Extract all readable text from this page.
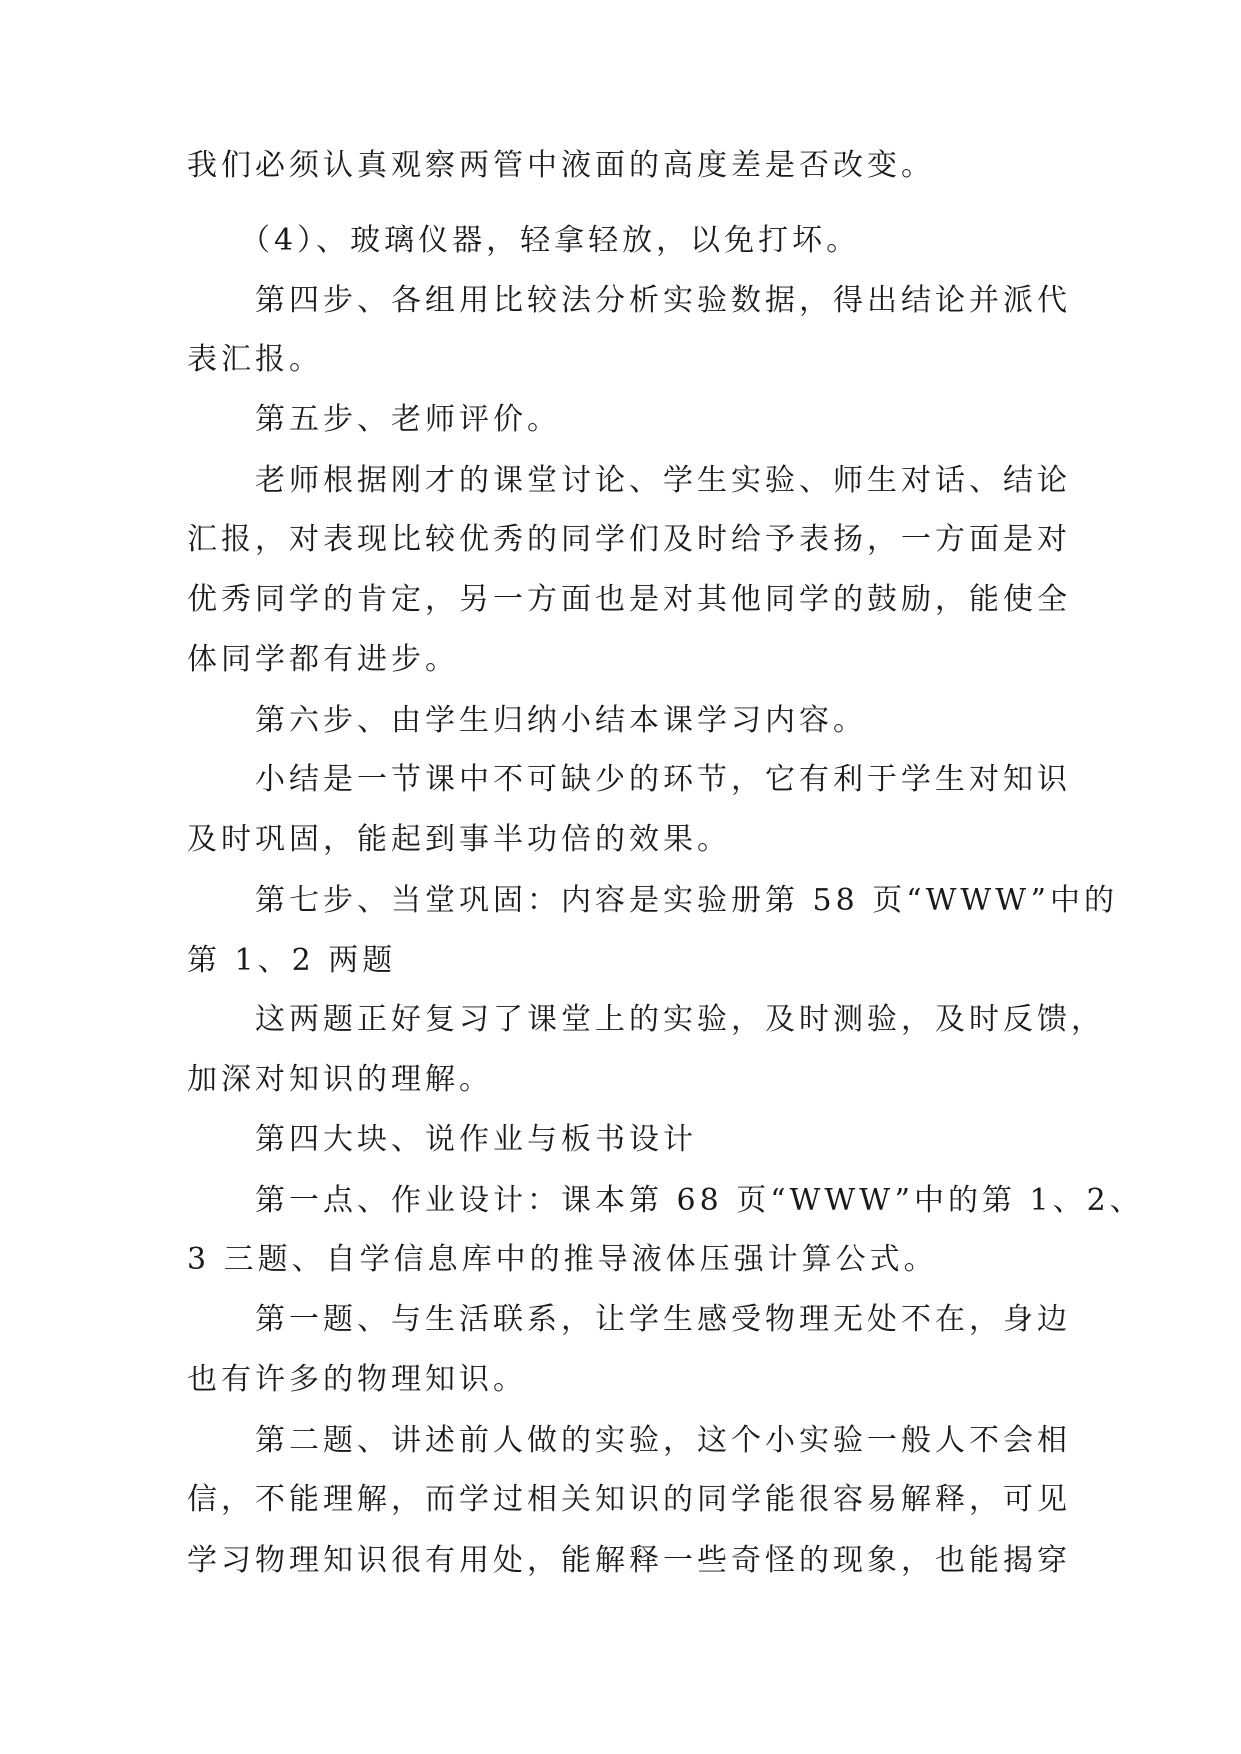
我们必须认真观察两管中液面的高度差是否改变。
（4）、玻璃仪器，轻拿轻放，以免打坏。
第四步、各组用比较法分析实验数据，得出结论并派代
表汇报。
第五步、老师评价。
老师根据刚才的课堂讨论、学生实验、师生对话、结论
汇报，对表现比较优秀的同学们及时给予表扬，一方面是对
优秀同学的肯定，另一方面也是对其他同学的鼓励，能使全
体同学都有进步。
第六步、由学生归纳小结本课学习内容。
小结是一节课中不可缺少的环节，它有利于学生对知识
及时巩固，能起到事半功倍的效果。
第七步、当堂巩固：内容是实验册第 58 页“WWW”中的
第 1、2 两题
这两题正好复习了课堂上的实验，及时测验，及时反馈，
加深对知识的理解。
第四大块、说作业与板书设计
第一点、作业设计：课本第 68 页“WWW”中的第 1、2、
3 三题、自学信息库中的推导液体压强计算公式。
第一题、与生活联系，让学生感受物理无处不在，身边
也有许多的物理知识。
第二题、讲述前人做的实验，这个小实验一般人不会相
信，不能理解，而学过相关知识的同学能很容易解释，可见
学习物理知识很有用处，能解释一些奇怪的现象，也能揭穿
